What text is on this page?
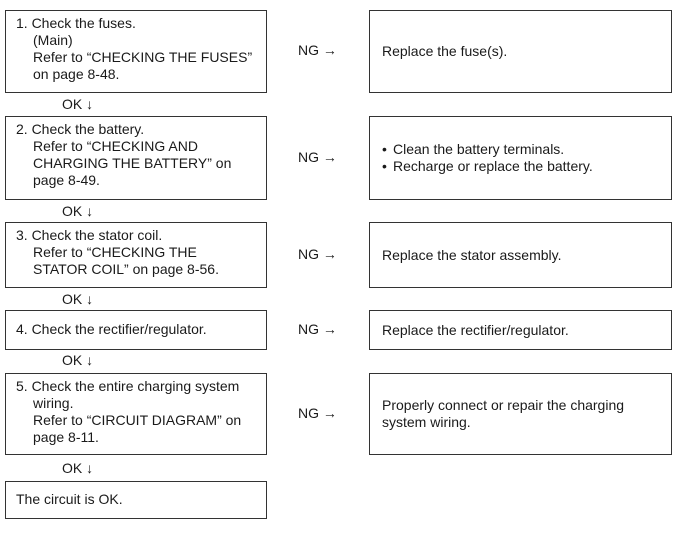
1. Check the fuses.
(Main)
Refer to “CHECKING THE FUSES”
on page 8-48.
NG →	Replace the fuse(s).
OK ↓
2. Check the battery.
Refer to “CHECKING AND
CHARGING THE BATTERY” on
page 8-49.
NG →	• Clean the battery terminals.
• Recharge or replace the battery.
OK ↓
3. Check the stator coil.
Refer to “CHECKING THE
STATOR COIL” on page 8-56.
NG →	Replace the stator assembly.
OK ↓
4. Check the rectifier/regulator.	NG →	Replace the rectifier/regulator.
OK ↓
5. Check the entire charging system
wiring.
Refer to “CIRCUIT DIAGRAM” on
page 8-11.
NG →	Properly connect or repair the charging
system wiring.
OK ↓
The circuit is OK.
